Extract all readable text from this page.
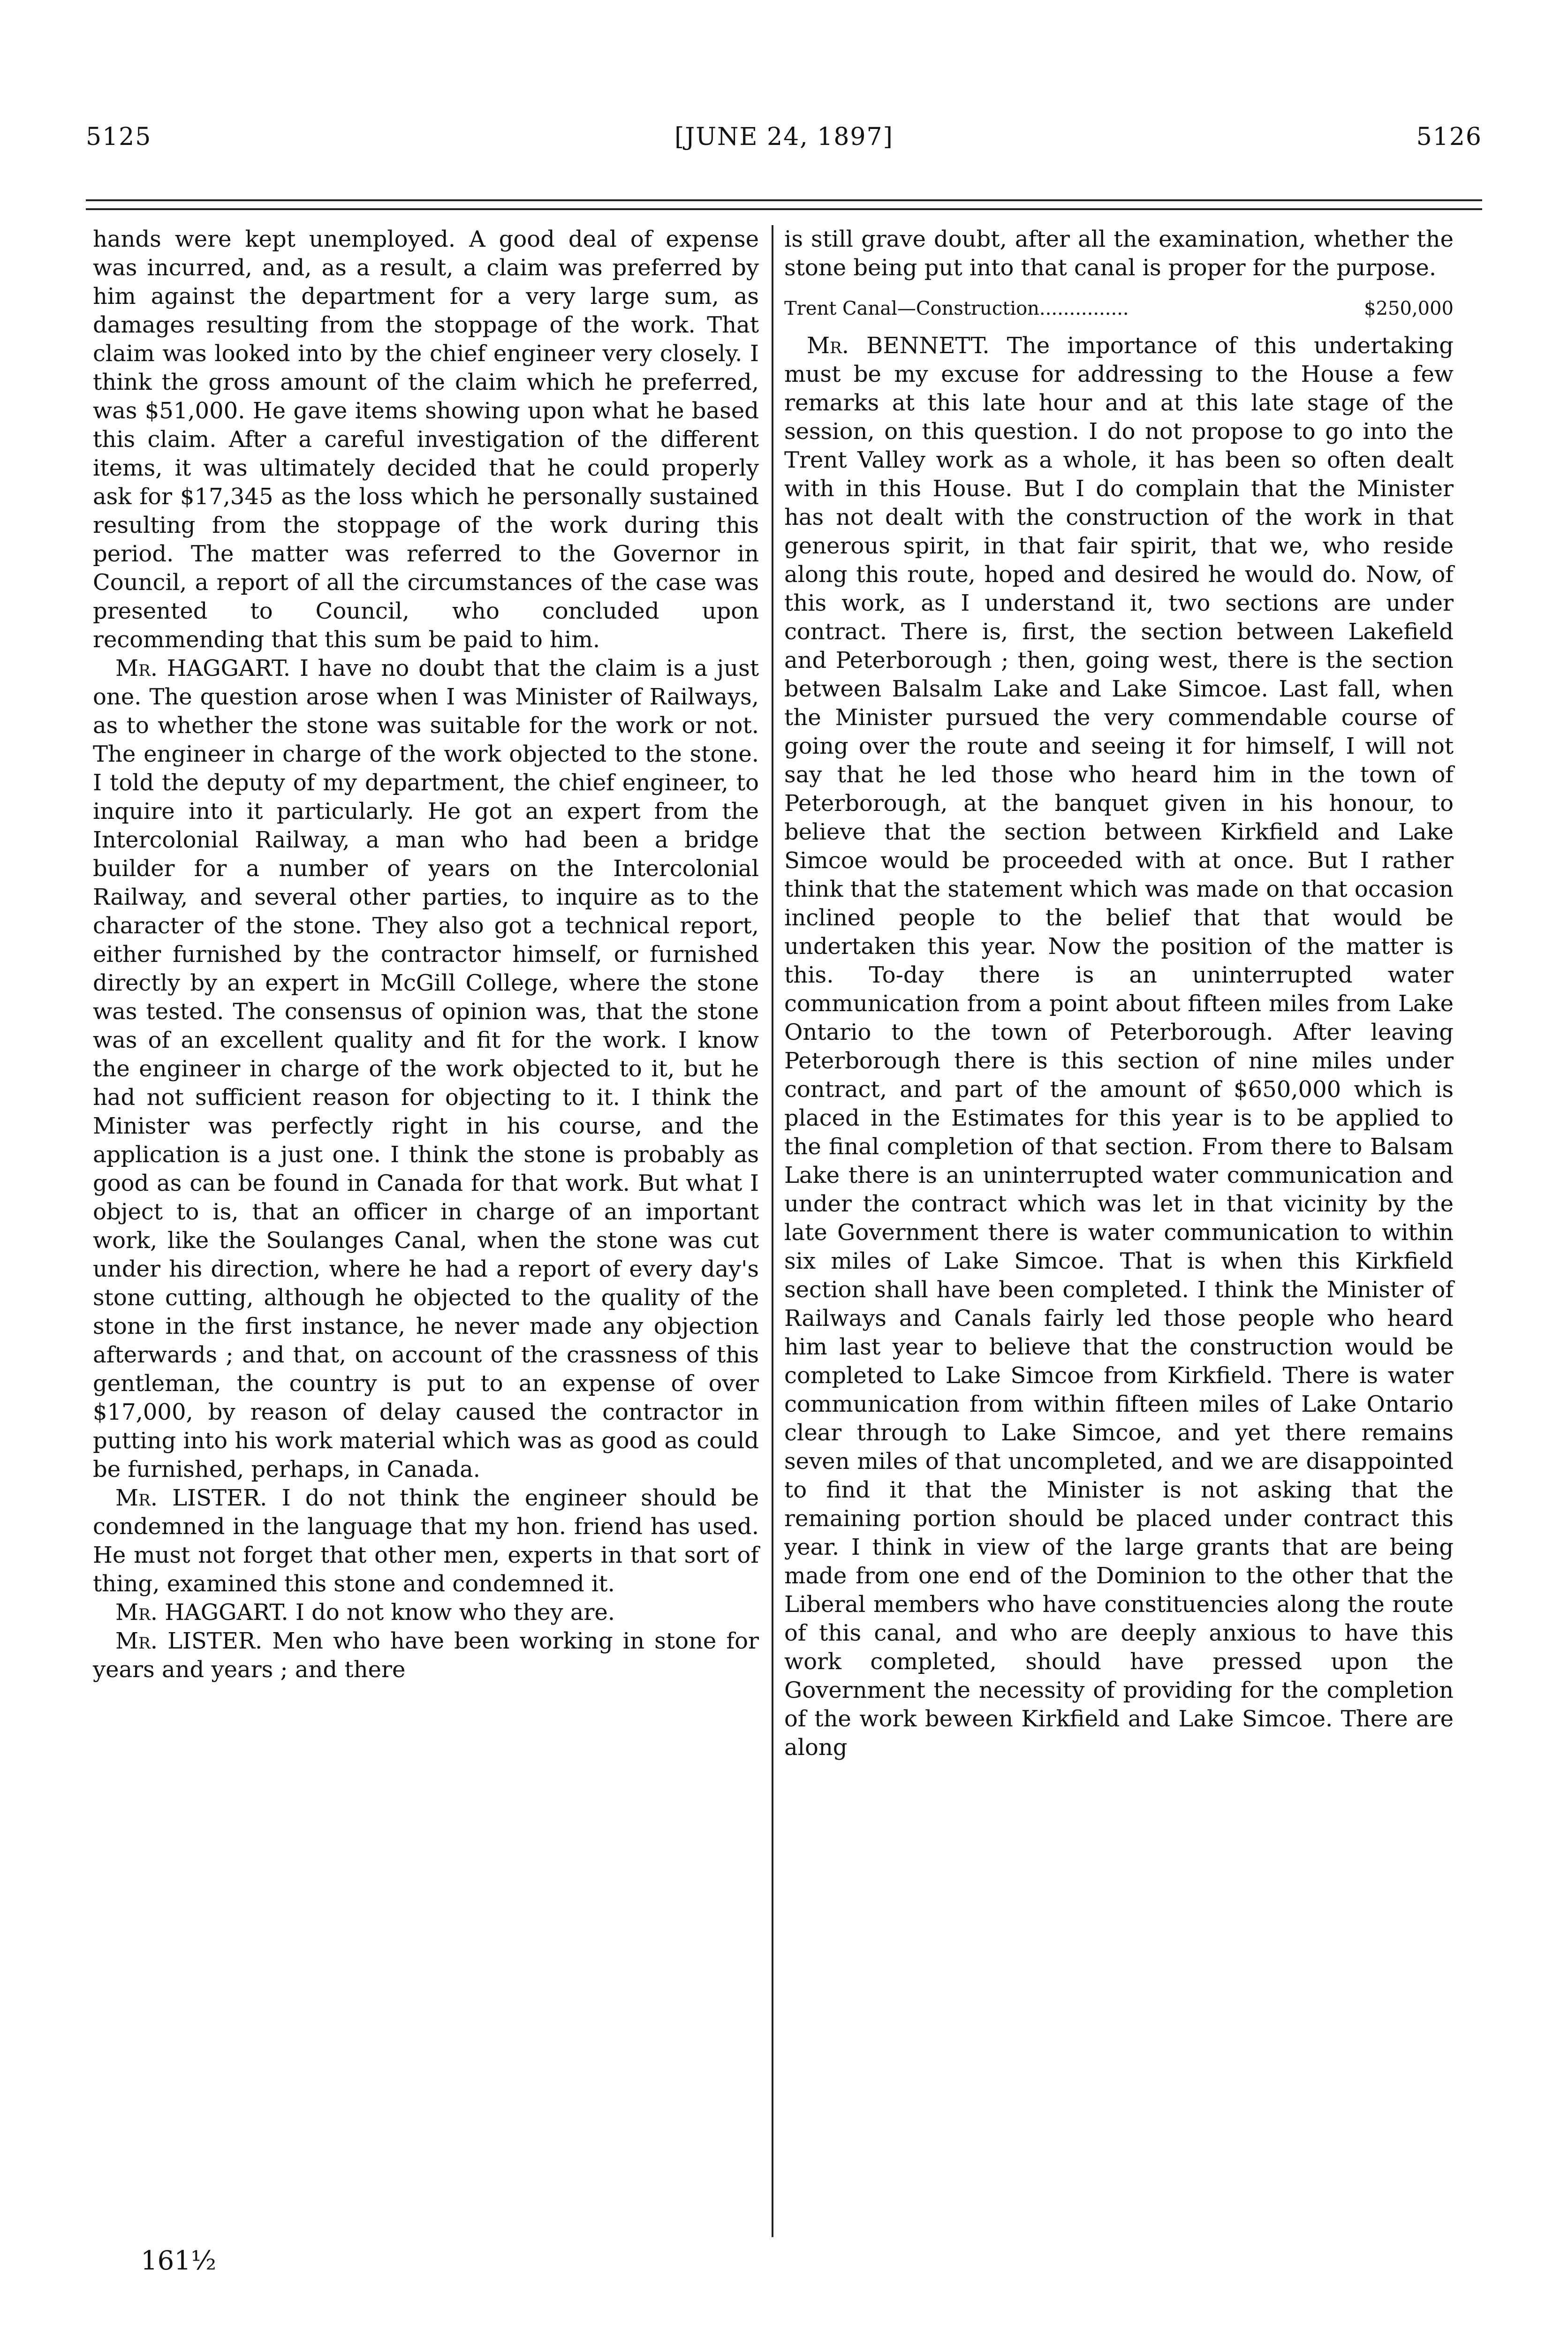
5125	[JUNE 24, 1897]	5126

hands were kept unemployed. A good deal of expense was incurred, and, as a result, a claim was preferred by him against the department for a very large sum, as damages resulting from the stoppage of the work. That claim was looked into by the chief engineer very closely. I think the gross amount of the claim which he preferred, was $51,000. He gave items showing upon what he based this claim. After a careful investigation of the different items, it was ultimately decided that he could properly ask for $17,345 as the loss which he personally sustained resulting from the stoppage of the work during this period. The matter was referred to the Governor in Council, a report of all the circumstances of the case was presented to Council, who concluded upon recommending that this sum be paid to him.

Mr. HAGGART. I have no doubt that the claim is a just one. The question arose when I was Minister of Railways, as to whether the stone was suitable for the work or not. The engineer in charge of the work objected to the stone. I told the deputy of my department, the chief engineer, to inquire into it particularly. He got an expert from the Intercolonial Railway, a man who had been a bridge builder for a number of years on the Intercolonial Railway, and several other parties, to inquire as to the character of the stone. They also got a technical report, either furnished by the contractor himself, or furnished directly by an expert in McGill College, where the stone was tested. The consensus of opinion was, that the stone was of an excellent quality and fit for the work. I know the engineer in charge of the work objected to it, but he had not sufficient reason for objecting to it. I think the Minister was perfectly right in his course, and the application is a just one. I think the stone is probably as good as can be found in Canada for that work. But what I object to is, that an officer in charge of an important work, like the Soulanges Canal, when the stone was cut under his direction, where he had a report of every day's stone cutting, although he objected to the quality of the stone in the first instance, he never made any objection afterwards ; and that, on account of the crassness of this gentleman, the country is put to an expense of over $17,000, by reason of delay caused the contractor in putting into his work material which was as good as could be furnished, perhaps, in Canada.

Mr. LISTER. I do not think the engineer should be condemned in the language that my hon. friend has used. He must not forget that other men, experts in that sort of thing, examined this stone and condemned it.

Mr. HAGGART. I do not know who they are.

Mr. LISTER. Men who have been working in stone for years and years ; and there

is still grave doubt, after all the examination, whether the stone being put into that canal is proper for the purpose.

Trent Canal—Construction...............	$250,000

Mr. BENNETT. The importance of this undertaking must be my excuse for addressing to the House a few remarks at this late hour and at this late stage of the session, on this question. I do not propose to go into the Trent Valley work as a whole, it has been so often dealt with in this House. But I do complain that the Minister has not dealt with the construction of the work in that generous spirit, in that fair spirit, that we, who reside along this route, hoped and desired he would do. Now, of this work, as I understand it, two sections are under contract. There is, first, the section between Lakefield and Peterborough ; then, going west, there is the section between Balsalm Lake and Lake Simcoe. Last fall, when the Minister pursued the very commendable course of going over the route and seeing it for himself, I will not say that he led those who heard him in the town of Peterborough, at the banquet given in his honour, to believe that the section between Kirkfield and Lake Simcoe would be proceeded with at once. But I rather think that the statement which was made on that occasion inclined people to the belief that that would be undertaken this year. Now the position of the matter is this. To-day there is an uninterrupted water communication from a point about fifteen miles from Lake Ontario to the town of Peterborough. After leaving Peterborough there is this section of nine miles under contract, and part of the amount of $650,000 which is placed in the Estimates for this year is to be applied to the final completion of that section. From there to Balsam Lake there is an uninterrupted water communication and under the contract which was let in that vicinity by the late Government there is water communication to within six miles of Lake Simcoe. That is when this Kirkfield section shall have been completed. I think the Minister of Railways and Canals fairly led those people who heard him last year to believe that the construction would be completed to Lake Simcoe from Kirkfield. There is water communication from within fifteen miles of Lake Ontario clear through to Lake Simcoe, and yet there remains seven miles of that uncompleted, and we are disappointed to find it that the Minister is not asking that the remaining portion should be placed under contract this year. I think in view of the large grants that are being made from one end of the Dominion to the other that the Liberal members who have constituencies along the route of this canal, and who are deeply anxious to have this work completed, should have pressed upon the Government the necessity of providing for the completion of the work beween Kirkfield and Lake Simcoe. There are along

161½
